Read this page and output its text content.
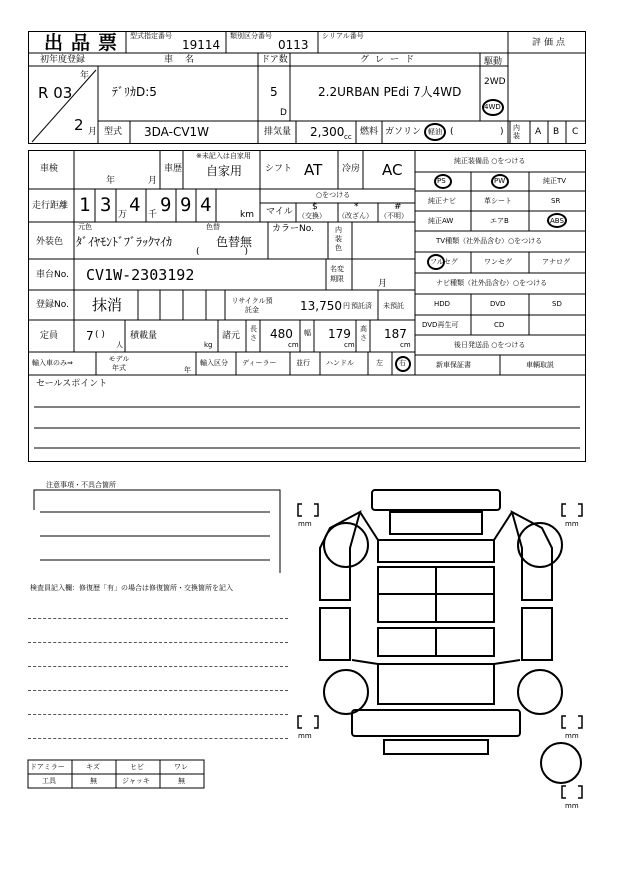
出品票 型式指定番号
19114
類別区分番号
0113
シリアル番号
評価点
初年度登録
年
R 03
2 月
車名
ﾃﾞﾘｶD:5
ドア数
5
D
グレード
2.2URBAN PEdi 7人4WD
駆動
2WD
4WD
型式 3DA-CV1W	排気量 2,300 cc 燃料 ガソリン 軽油 (	) 内装	A B C
車検
年	月
車歴
※未記入は自家用
自家用	シフト AT 冷房 AC
走行距離 1 3 万 4 千 9 9 4	km
○をつける
マイル $
（交換）
*
（改ざん）
#
（不明）
外装色
元色
ﾀﾞｲﾔﾓﾝﾄﾞﾌﾞﾗｯｸﾏｲｶ
色替
色替無
(　　　　　)
カラーNo.	内装色
車台No. CV1W-2303192	名変期限	月
登録No. 抹消	リサイクル預託金	13,750 円 預託済 未預託
定員 7 ( )
人
積載量
kg
諸元
長さ 480
cm
幅 179
cm
高さ 187
cm
輸入車のみ⇒	モデル年式	年
輸入区分 ディーラー	並行 ハンドル	左 右
セールスポイント
純正装備品 ○をつける
PS	PW	純正TV
純正ナビ	革シート	SR
純正AW	エアB	ABS
TV種類（社外品含む）○をつける
フルセグ	ワンセグ	アナログ
ナビ種類（社外品含む）○をつける
HDD	DVD	SD
DVD再生可	CD
後日発送品 ○をつける
新車保証書	車輌取説
注意事項・不具合箇所
検査員記入欄：修復歴「有」の場合は修復箇所・交換箇所を記入
mm	mm
mm	mm
mm
ドアミラー	キズ	ヒビ	ワレ
工具	無	ジャッキ	無
